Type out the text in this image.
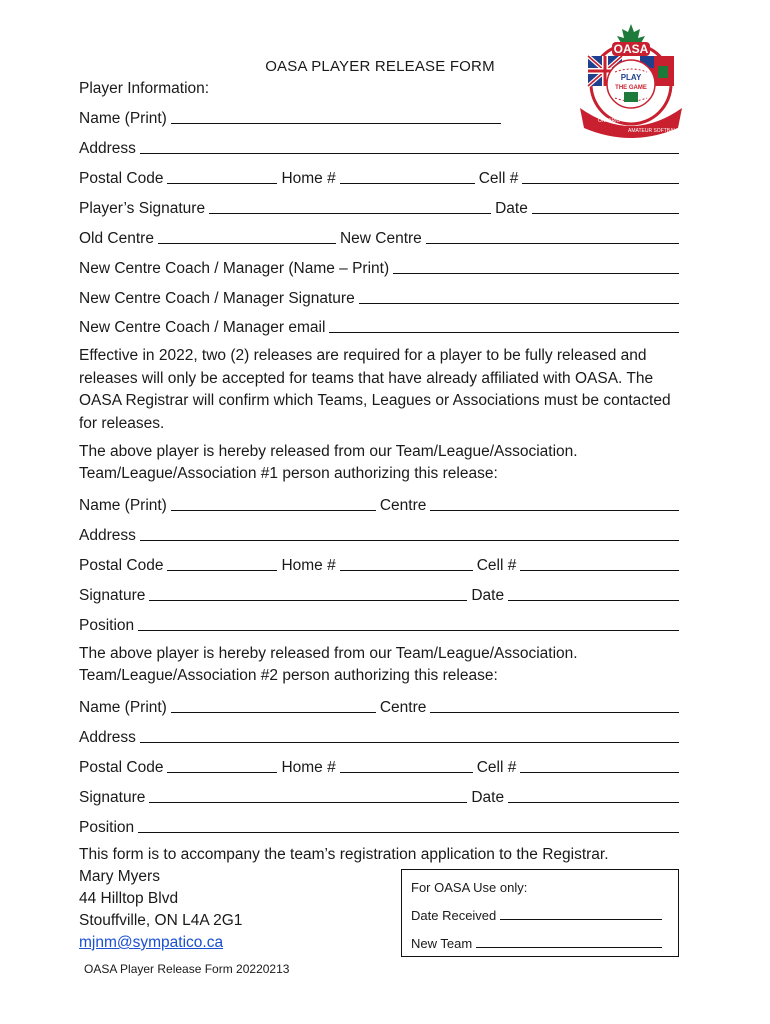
OASA PLAYER RELEASE FORM
OASA
PLAY
THE GAME
ONTARIO
AMATEUR SOFTBALL
Player Information:
Name (Print)
Address
Postal Code	Home #	Cell #
Player’s Signature	Date
Old Centre	New Centre
New Centre Coach / Manager (Name – Print)
New Centre Coach / Manager Signature
New Centre Coach / Manager email
Effective in 2022, two (2) releases are required for a player to be fully released and releases will only be accepted for teams that have already affiliated with OASA. The OASA Registrar will confirm which Teams, Leagues or Associations must be contacted for releases.
The above player is hereby released from our Team/League/Association.
Team/League/Association #1 person authorizing this release:
Name (Print)	Centre
Address
Postal Code	Home #	Cell #
Signature	Date
Position
The above player is hereby released from our Team/League/Association.
Team/League/Association #2 person authorizing this release:
Name (Print)	Centre
Address
Postal Code	Home #	Cell #
Signature	Date
Position
This form is to accompany the team’s registration application to the Registrar.
Mary Myers
44 Hilltop Blvd
Stouffville, ON L4A 2G1
mjnm@sympatico.ca
For OASA Use only:
Date Received
New Team
OASA Player Release Form 20220213
